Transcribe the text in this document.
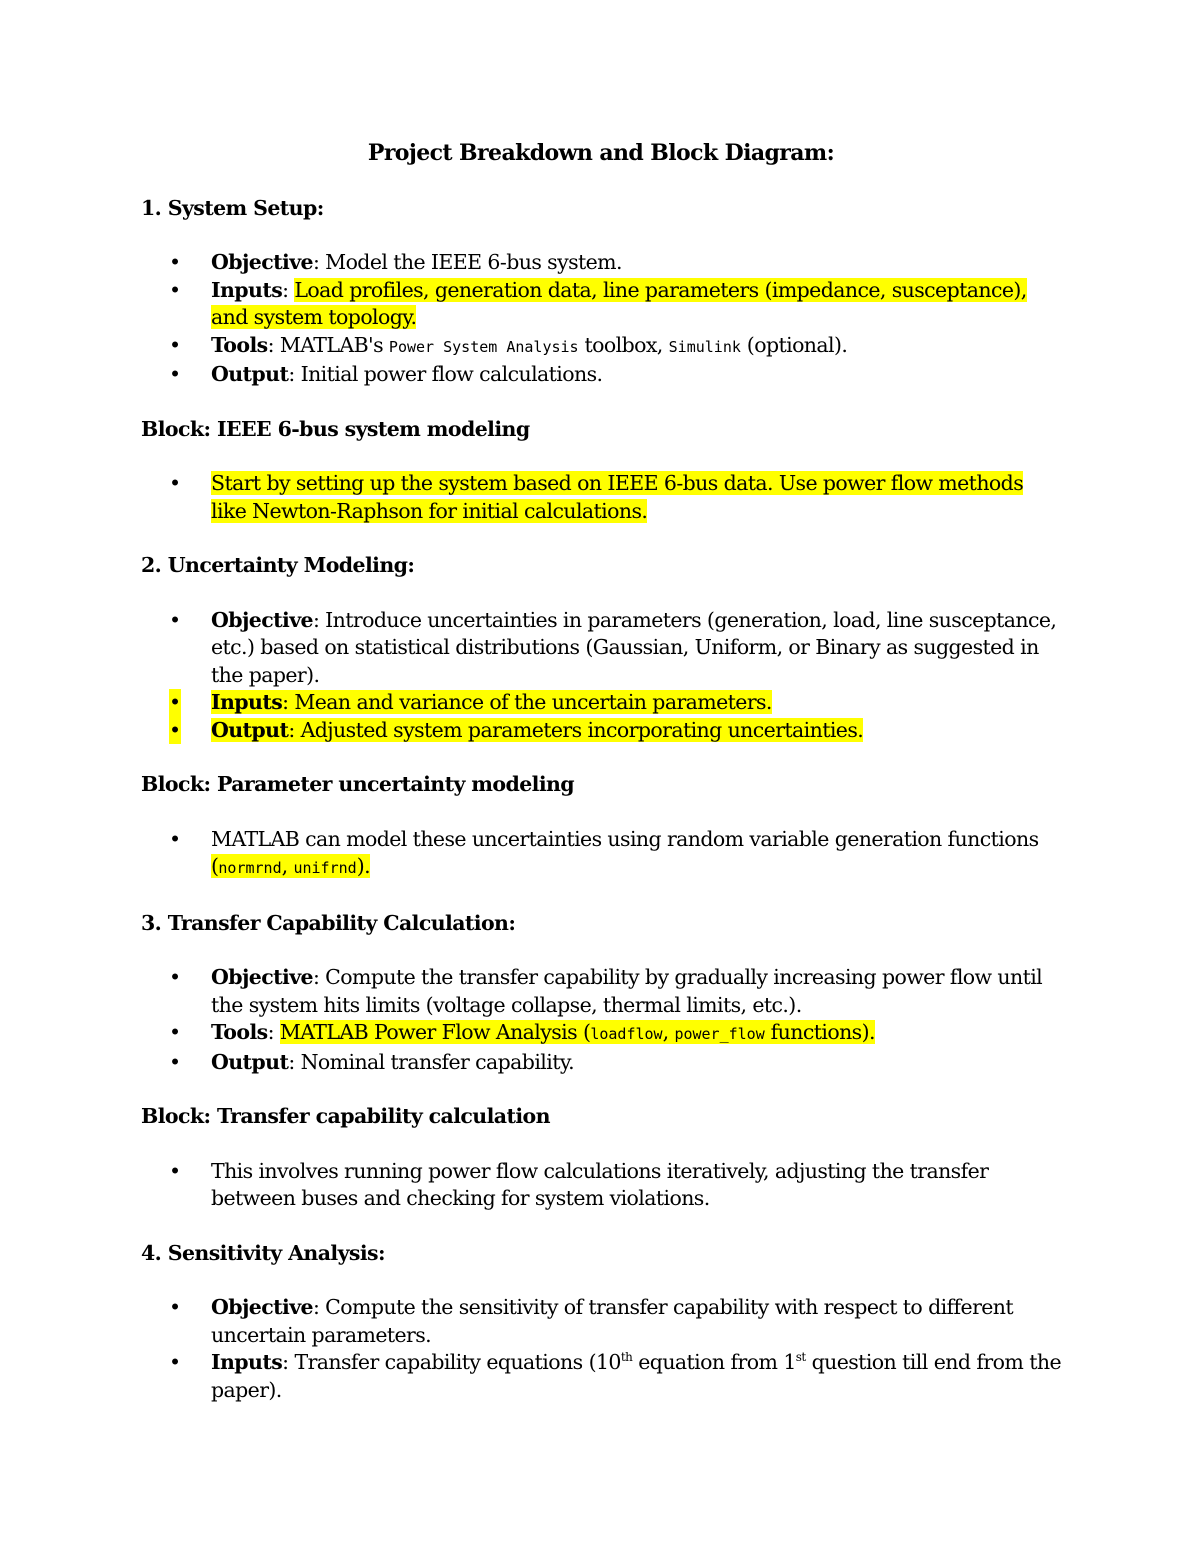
Project Breakdown and Block Diagram:
1. System Setup:
• Objective: Model the IEEE 6-bus system.
• Inputs: Load profiles, generation data, line parameters (impedance, susceptance), and system topology.
• Tools: MATLAB's Power System Analysis toolbox, Simulink (optional).
• Output: Initial power flow calculations.
Block: IEEE 6-bus system modeling
• Start by setting up the system based on IEEE 6-bus data. Use power flow methods like Newton-Raphson for initial calculations.
2. Uncertainty Modeling:
• Objective: Introduce uncertainties in parameters (generation, load, line susceptance, etc.) based on statistical distributions (Gaussian, Uniform, or Binary as suggested in the paper).
• Inputs: Mean and variance of the uncertain parameters.
• Output: Adjusted system parameters incorporating uncertainties.
Block: Parameter uncertainty modeling
• MATLAB can model these uncertainties using random variable generation functions (normrnd, unifrnd).
3. Transfer Capability Calculation:
• Objective: Compute the transfer capability by gradually increasing power flow until the system hits limits (voltage collapse, thermal limits, etc.).
• Tools: MATLAB Power Flow Analysis (loadflow, power_flow functions).
• Output: Nominal transfer capability.
Block: Transfer capability calculation
• This involves running power flow calculations iteratively, adjusting the transfer between buses and checking for system violations.
4. Sensitivity Analysis:
• Objective: Compute the sensitivity of transfer capability with respect to different uncertain parameters.
• Inputs: Transfer capability equations (10th equation from 1st question till end from the paper).
